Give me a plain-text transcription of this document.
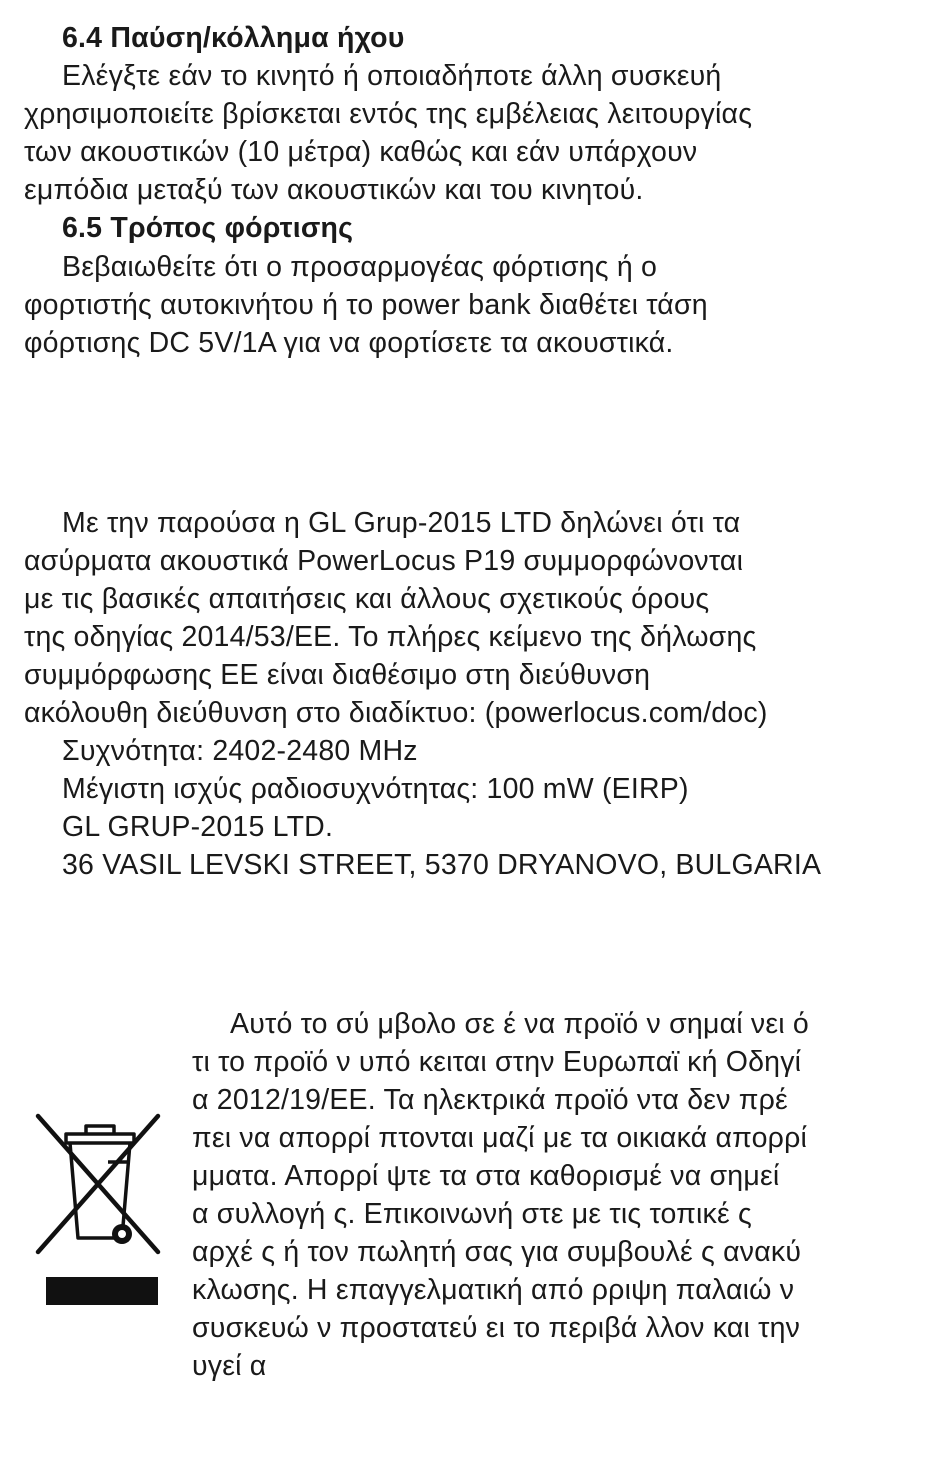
6.4 Παύση/κόλλημα ήχου
Ελέγξτε εάν το κινητό ή οποιαδήποτε άλλη συσκευή
χρησιμοποιείτε βρίσκεται εντός της εμβέλειας λειτουργίας
των ακουστικών (10 μέτρα) καθώς και εάν υπάρχουν
εμπόδια μεταξύ των ακουστικών και του κινητού.
6.5 Τρόπος φόρτισης
Βεβαιωθείτε ότι ο προσαρμογέας φόρτισης ή ο
φορτιστής αυτοκινήτου ή το power bank διαθέτει τάση
φόρτισης DC 5V/1A για να φορτίσετε τα ακουστικά.
Με την παρούσα η GL Grup-2015 LTD δηλώνει ότι τα
ασύρματα ακουστικά PowerLocus P19 συμμορφώνονται
με τις βασικές απαιτήσεις και άλλους σχετικούς όρους
της οδηγίας 2014/53/ΕΕ. Το πλήρες κείμενο της δήλωσης
συμμόρφωσης ΕΕ είναι διαθέσιμο στη διεύθυνση
ακόλουθη διεύθυνση στο διαδίκτυο: (powerlocus.com/doc)
Συχνότητα: 2402-2480 MHz
Μέγιστη ισχύς ραδιοσυχνότητας: 100 mW (EIRP)
GL GRUP-2015 LTD.
36 VASIL LEVSKI STREET, 5370 DRYANOVO, BULGARIA
Αυτό το σύ μβολο σε έ να προϊό ν σημαί νει ό
τι το προϊό ν υπό κειται στην Ευρωπαϊ κή Οδηγί
α 2012/19/ΕΕ. Τα ηλεκτρικά προϊό ντα δεν πρέ
πει να απορρί πτονται μαζί με τα οικιακά απορρί
μματα. Απορρί ψτε τα στα καθορισμέ να σημεί
α συλλογή ς. Επικοινωνή στε με τις τοπικέ ς
αρχέ ς ή τον πωλητή σας για συμβουλέ ς ανακύ
κλωσης. Η επαγγελματική από ρριψη παλαιώ ν
συσκευώ ν προστατεύ ει το περιβά λλον και την
υγεί α
